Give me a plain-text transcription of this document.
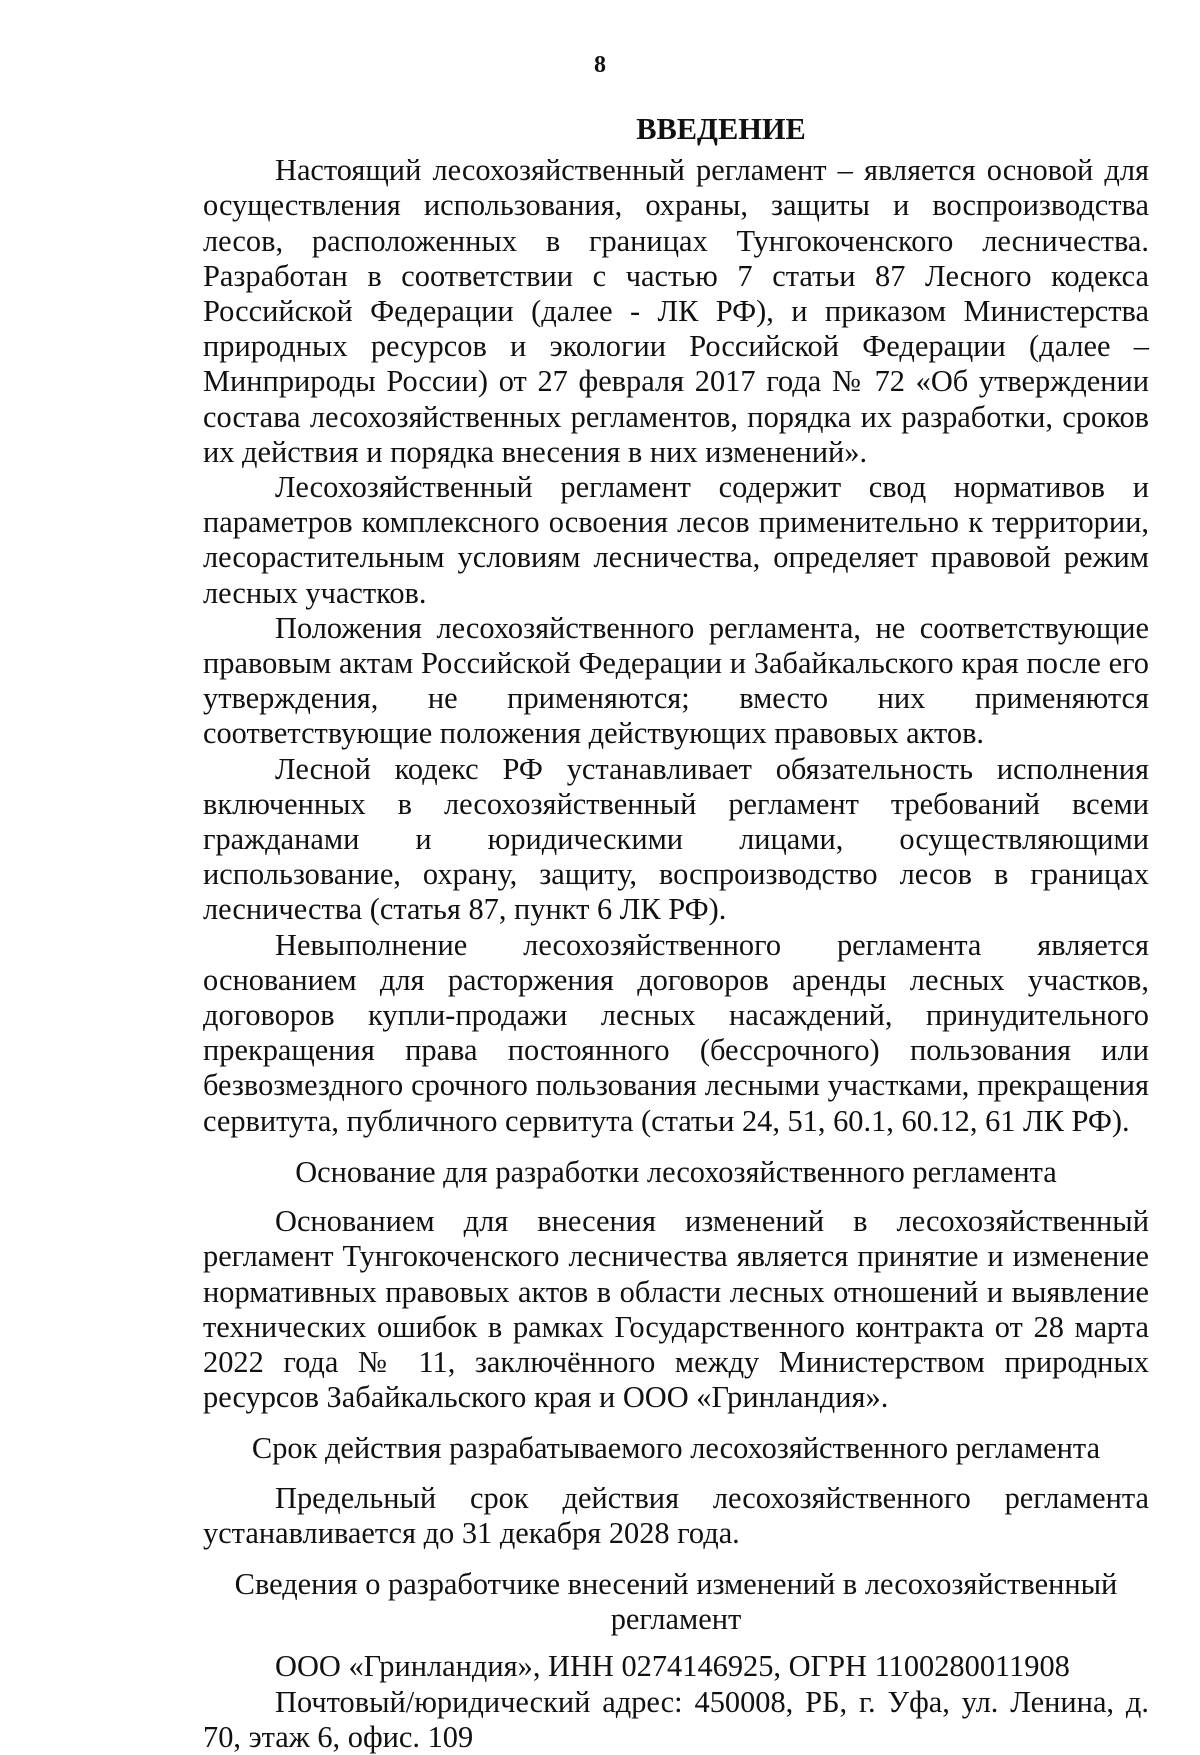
8
ВВЕДЕНИЕ

Настоящий лесохозяйственный регламент – является основой для осуществления использования, охраны, защиты и воспроизводства лесов, расположенных в границах Тунгокоченского лесничества. Разработан в соответствии с частью 7 статьи 87 Лесного кодекса Российской Федерации (далее - ЛК РФ), и приказом Министерства природных ресурсов и экологии Российской Федерации (далее – Минприроды России) от 27 февраля 2017 года № 72 «Об утверждении состава лесохозяйственных регламентов, порядка их разработки, сроков их действия и порядка внесения в них изменений».

Лесохозяйственный регламент содержит свод нормативов и параметров комплексного освоения лесов применительно к территории, лесорастительным условиям лесничества, определяет правовой режим лесных участков.

Положения лесохозяйственного регламента, не соответствующие правовым актам Российской Федерации и Забайкальского края после его утверждения, не применяются; вместо них применяются соответствующие положения действующих правовых актов.

Лесной кодекс РФ устанавливает обязательность исполнения включенных в лесохозяйственный регламент требований всеми гражданами и юридическими лицами, осуществляющими использование, охрану, защиту, воспроизводство лесов в границах лесничества (статья 87, пункт 6 ЛК РФ).

Невыполнение лесохозяйственного регламента является основанием для расторжения договоров аренды лесных участков, договоров купли-продажи лесных насаждений, принудительного прекращения права постоянного (бессрочного) пользования или безвозмездного срочного пользования лесными участками, прекращения сервитута, публичного сервитута (статьи 24, 51, 60.1, 60.12, 61 ЛК РФ).

Основание для разработки лесохозяйственного регламента

Основанием для внесения изменений в лесохозяйственный регламент Тунгокоченского лесничества является принятие и изменение нормативных правовых актов в области лесных отношений и выявление технических ошибок в рамках Государственного контракта от 28 марта 2022 года № 11, заключённого между Министерством природных ресурсов Забайкальского края и ООО «Гринландия».

Срок действия разрабатываемого лесохозяйственного регламента

Предельный срок действия лесохозяйственного регламента устанавливается до 31 декабря 2028 года.

Сведения о разработчике внесений изменений в лесохозяйственный регламент

ООО «Гринландия», ИНН 0274146925, ОГРН 1100280011908

Почтовый/юридический адрес: 450008, РБ, г. Уфа, ул. Ленина, д. 70, этаж 6, офис. 109
